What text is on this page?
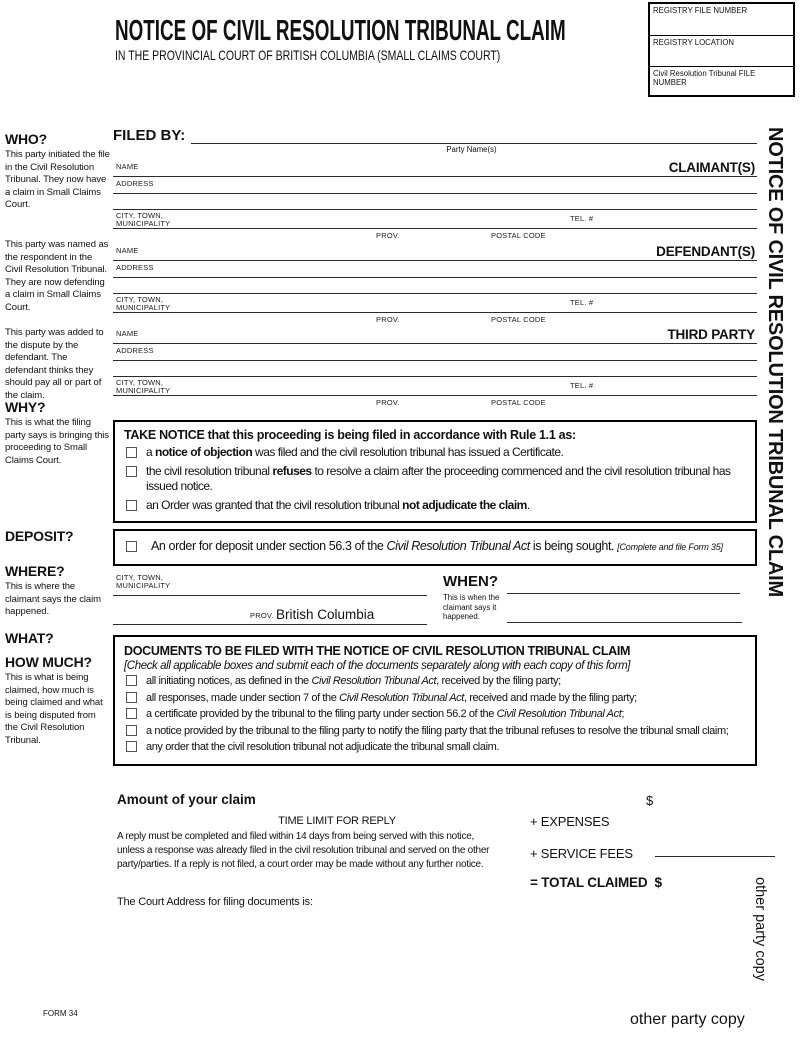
NOTICE OF CIVIL RESOLUTION TRIBUNAL CLAIM
IN THE PROVINCIAL COURT OF BRITISH COLUMBIA (SMALL CLAIMS COURT)
REGISTRY FILE NUMBER
REGISTRY LOCATION
Civil Resolution Tribunal FILE NUMBER
WHO?
This party initiated the file in the Civil Resolution Tribunal. They now have a claim in Small Claims Court.
This party was named as the respondent in the Civil Resolution Tribunal. They are now defending a claim in Small Claims Court.
This party was added to the dispute by the defendant. The defendant thinks they should pay all or part of the claim.
WHY?
This is what the filing party says is bringing this proceeding to Small Claims Court.
DEPOSIT?
WHERE?
This is where the claimant says the claim happened.
WHAT?
HOW MUCH?
This is what is being claimed, how much is being claimed and what is being disputed from the Civil Resolution Tribunal.
FILED BY:
Party Name(s)
NAME	CLAIMANT(S)
ADDRESS
CITY, TOWN,
MUNICIPALITY
TEL. #
PROV.	POSTAL CODE
NAME	DEFENDANT(S)
ADDRESS
CITY, TOWN,
MUNICIPALITY
TEL. #
PROV.	POSTAL CODE
NAME	THIRD PARTY
ADDRESS
CITY, TOWN,
MUNICIPALITY
TEL. #
PROV.	POSTAL CODE
TAKE NOTICE that this proceeding is being filed in accordance with Rule 1.1 as:
a notice of objection was filed and the civil resolution tribunal has issued a Certificate.
the civil resolution tribunal refuses to resolve a claim after the proceeding commenced and the civil resolution tribunal has issued notice.
an Order was granted that the civil resolution tribunal not adjudicate the claim.
An order for deposit under section 56.3 of the Civil Resolution Tribunal Act is being sought. [Complete and file Form 35]
CITY, TOWN,
MUNICIPALITY
PROV. British Columbia
WHEN?
This is when the claimant says it happened.
DOCUMENTS TO BE FILED WITH THE NOTICE OF CIVIL RESOLUTION TRIBUNAL CLAIM
[Check all applicable boxes and submit each of the documents separately along with each copy of this form]
all initiating notices, as defined in the Civil Resolution Tribunal Act, received by the filing party;
all responses, made under section 7 of the Civil Resolution Tribunal Act, received and made by the filing party;
a certificate provided by the tribunal to the filing party under section 56.2 of the Civil Resolution Tribunal Act;
a notice provided by the tribunal to the filing party to notify the filing party that the tribunal refuses to resolve the tribunal small claim;
any order that the civil resolution tribunal not adjudicate the tribunal small claim.
Amount of your claim	$
TIME LIMIT FOR REPLY
A reply must be completed and filed within 14 days from being served with this notice, unless a response was already filed in the civil resolution tribunal and served on the other party/parties. If a reply is not filed, a court order may be made without any further notice.
+ EXPENSES
+ SERVICE FEES
= TOTAL CLAIMED $
The Court Address for filing documents is:
NOTICE OF CIVIL RESOLUTION TRIBUNAL CLAIM
other party copy
FORM 34	other party copy
